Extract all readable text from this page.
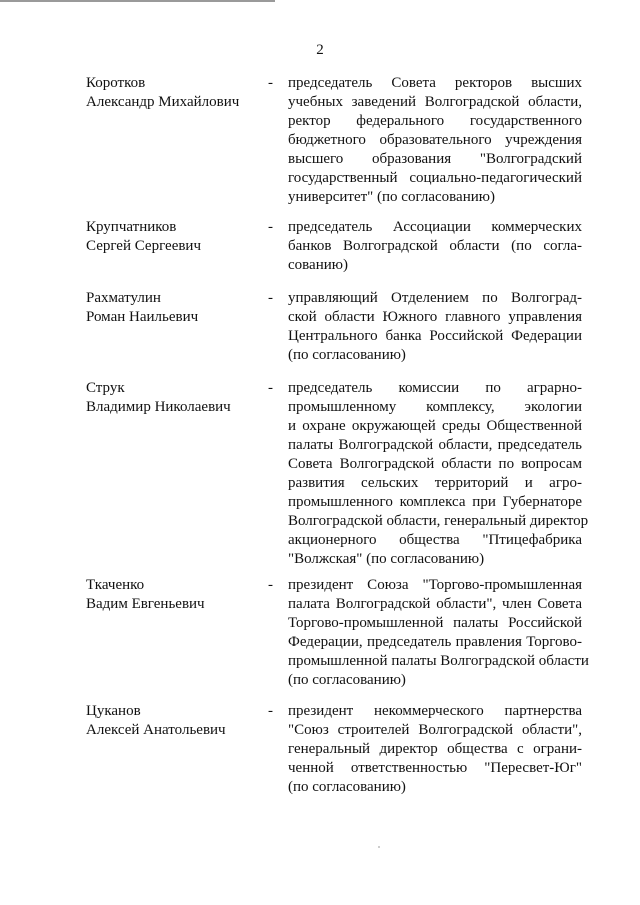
2
Коротков
Александр Михайлович
- председатель Совета ректоров высших
учебных заведений Волгоградской области,
ректор федерального государственного
бюджетного образовательного учреждения
высшего образования "Волгоградский
государственный социально-педагогический
университет" (по согласованию)
Крупчатников
Сергей Сергеевич
- председатель Ассоциации коммерческих
банков Волгоградской области (по согла-
сованию)
Рахматулин
Роман Наильевич
- управляющий Отделением по Волгоград-
ской области Южного главного управления
Центрального банка Российской Федерации
(по согласованию)
Струк
Владимир Николаевич
- председатель комиссии по аграрно-
промышленному комплексу, экологии
и охране окружающей среды Общественной
палаты Волгоградской области, председатель
Совета Волгоградской области по вопросам
развития сельских территорий и агро-
промышленного комплекса при Губернаторе
Волгоградской области, генеральный директор
акционерного общества "Птицефабрика
"Волжская" (по согласованию)
Ткаченко
Вадим Евгеньевич
- президент Союза "Торгово-промышленная
палата Волгоградской области", член Совета
Торгово-промышленной палаты Российской
Федерации, председатель правления Торгово-
промышленной палаты Волгоградской области
(по согласованию)
Цуканов
Алексей Анатольевич
- президент некоммерческого партнерства
"Союз строителей Волгоградской области",
генеральный директор общества с ограни-
ченной ответственностью "Пересвет-Юг"
(по согласованию)
